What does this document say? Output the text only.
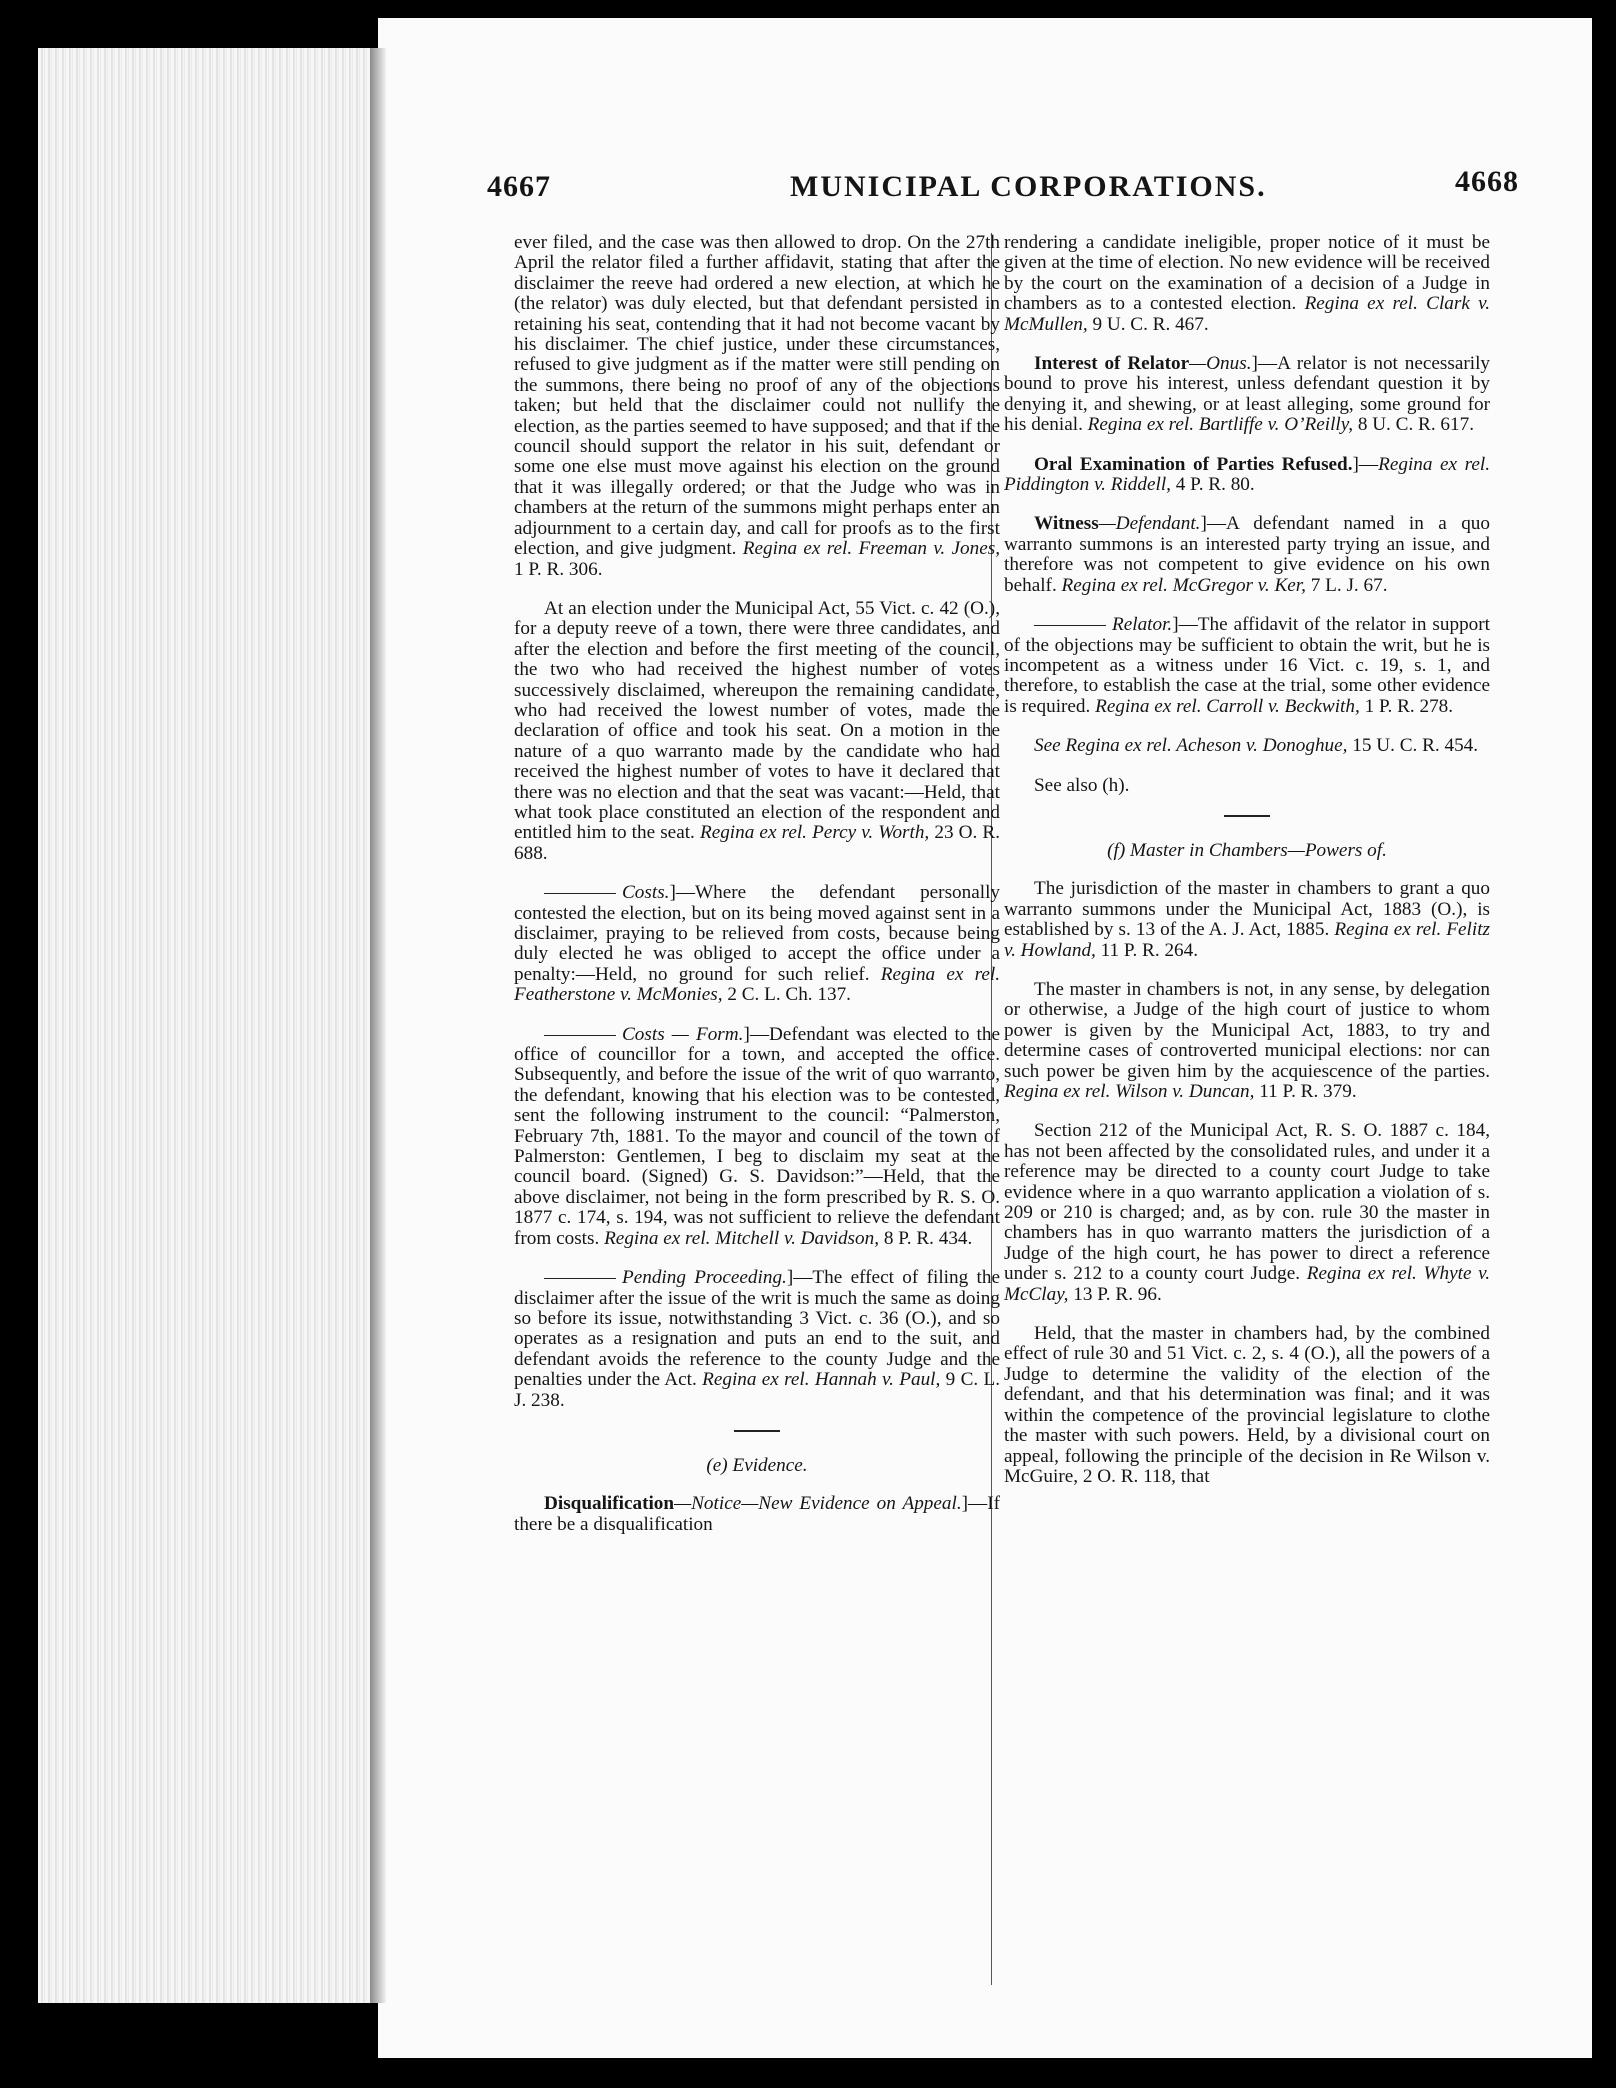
4667	MUNICIPAL CORPORATIONS.	4668

ever filed, and the case was then allowed to drop. On the 27th April the relator filed a further affidavit, stating that after the disclaimer the reeve had ordered a new election, at which he (the relator) was duly elected, but that defendant persisted in retaining his seat, contending that it had not become vacant by his disclaimer. The chief justice, under these circumstances, refused to give judgment as if the matter were still pending on the summons, there being no proof of any of the objections taken; but held that the disclaimer could not nullify the election, as the parties seemed to have supposed; and that if the council should support the relator in his suit, defendant or some one else must move against his election on the ground that it was illegally ordered; or that the Judge who was in chambers at the return of the summons might perhaps enter an adjournment to a certain day, and call for proofs as to the first election, and give judgment. Regina ex rel. Freeman v. Jones, 1 P. R. 306.

At an election under the Municipal Act, 55 Vict. c. 42 (O.), for a deputy reeve of a town, there were three candidates, and after the election and before the first meeting of the council, the two who had received the highest number of votes successively disclaimed, whereupon the remaining candidate, who had received the lowest number of votes, made the declaration of office and took his seat. On a motion in the nature of a quo warranto made by the candidate who had received the highest number of votes to have it declared that there was no election and that the seat was vacant:—Held, that what took place constituted an election of the respondent and entitled him to the seat. Regina ex rel. Percy v. Worth, 23 O. R. 688.

Costs.]—Where the defendant personally contested the election, but on its being moved against sent in a disclaimer, praying to be relieved from costs, because being duly elected he was obliged to accept the office under a penalty:—Held, no ground for such relief. Regina ex rel. Featherstone v. McMonies, 2 C. L. Ch. 137.

Costs — Form.]—Defendant was elected to the office of councillor for a town, and accepted the office. Subsequently, and before the issue of the writ of quo warranto, the defendant, knowing that his election was to be contested, sent the following instrument to the council: “Palmerston, February 7th, 1881. To the mayor and council of the town of Palmerston: Gentlemen, I beg to disclaim my seat at the council board. (Signed) G. S. Davidson:”—Held, that the above disclaimer, not being in the form prescribed by R. S. O. 1877 c. 174, s. 194, was not sufficient to relieve the defendant from costs. Regina ex rel. Mitchell v. Davidson, 8 P. R. 434.

Pending Proceeding.]—The effect of filing the disclaimer after the issue of the writ is much the same as doing so before its issue, notwithstanding 3 Vict. c. 36 (O.), and so operates as a resignation and puts an end to the suit, and defendant avoids the reference to the county Judge and the penalties under the Act. Regina ex rel. Hannah v. Paul, 9 C. L. J. 238.

(e) Evidence.

Disqualification—Notice—New Evidence on Appeal.]—If there be a disqualification

rendering a candidate ineligible, proper notice of it must be given at the time of election. No new evidence will be received by the court on the examination of a decision of a Judge in chambers as to a contested election. Regina ex rel. Clark v. McMullen, 9 U. C. R. 467.

Interest of Relator—Onus.]—A relator is not necessarily bound to prove his interest, unless defendant question it by denying it, and shewing, or at least alleging, some ground for his denial. Regina ex rel. Bartliffe v. O’Reilly, 8 U. C. R. 617.

Oral Examination of Parties Refused.]—Regina ex rel. Piddington v. Riddell, 4 P. R. 80.

Witness—Defendant.]—A defendant named in a quo warranto summons is an interested party trying an issue, and therefore was not competent to give evidence on his own behalf. Regina ex rel. McGregor v. Ker, 7 L. J. 67.

Relator.]—The affidavit of the relator in support of the objections may be sufficient to obtain the writ, but he is incompetent as a witness under 16 Vict. c. 19, s. 1, and therefore, to establish the case at the trial, some other evidence is required. Regina ex rel. Carroll v. Beckwith, 1 P. R. 278.

See Regina ex rel. Acheson v. Donoghue, 15 U. C. R. 454.

See also (h).

(f) Master in Chambers—Powers of.

The jurisdiction of the master in chambers to grant a quo warranto summons under the Municipal Act, 1883 (O.), is established by s. 13 of the A. J. Act, 1885. Regina ex rel. Felitz v. Howland, 11 P. R. 264.

The master in chambers is not, in any sense, by delegation or otherwise, a Judge of the high court of justice to whom power is given by the Municipal Act, 1883, to try and determine cases of controverted municipal elections: nor can such power be given him by the acquiescence of the parties. Regina ex rel. Wilson v. Duncan, 11 P. R. 379.

Section 212 of the Municipal Act, R. S. O. 1887 c. 184, has not been affected by the consolidated rules, and under it a reference may be directed to a county court Judge to take evidence where in a quo warranto application a violation of s. 209 or 210 is charged; and, as by con. rule 30 the master in chambers has in quo warranto matters the jurisdiction of a Judge of the high court, he has power to direct a reference under s. 212 to a county court Judge. Regina ex rel. Whyte v. McClay, 13 P. R. 96.

Held, that the master in chambers had, by the combined effect of rule 30 and 51 Vict. c. 2, s. 4 (O.), all the powers of a Judge to determine the validity of the election of the defendant, and that his determination was final; and it was within the competence of the provincial legislature to clothe the master with such powers. Held, by a divisional court on appeal, following the principle of the decision in Re Wilson v. McGuire, 2 O. R. 118, that
